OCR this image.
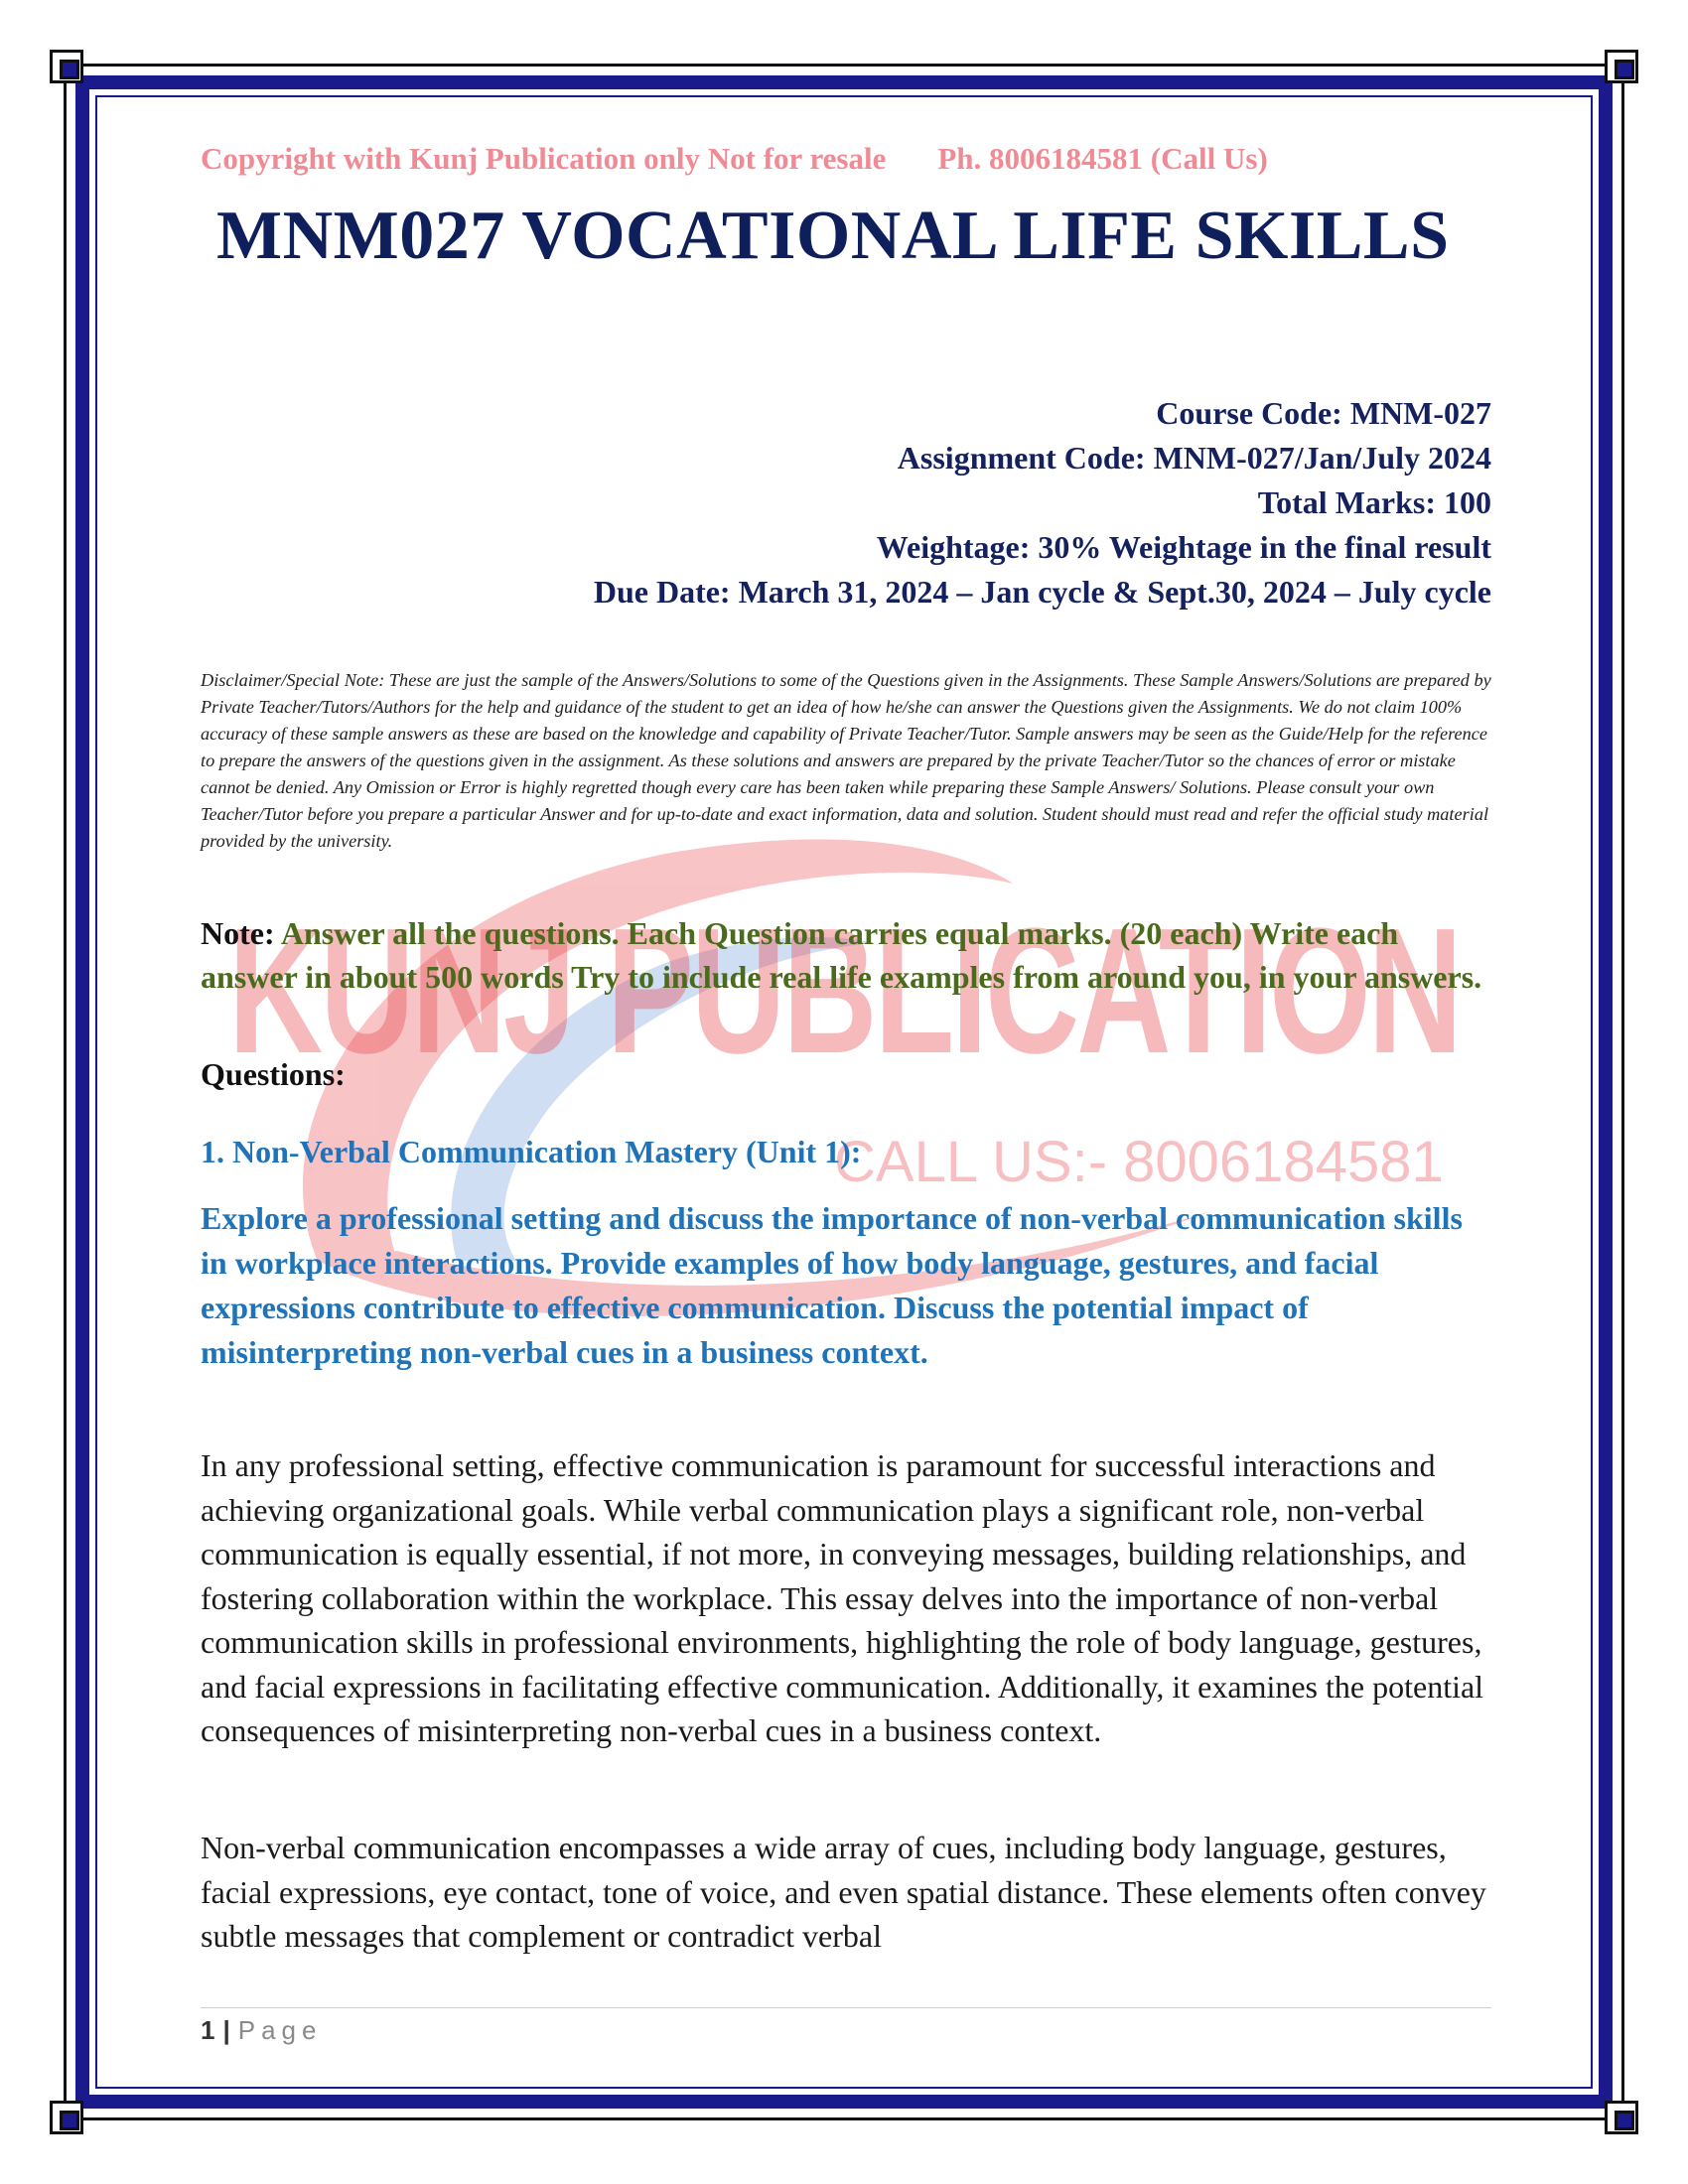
KUNJ PUBLICATION
CALL US:- 8006184581

Copyright with Kunj Publication only Not for resale Ph. 8006184581 (Call Us)

MNM027 VOCATIONAL LIFE SKILLS
Course Code: MNM-027
Assignment Code: MNM-027/Jan/July 2024
Total Marks: 100
Weightage: 30% Weightage in the final result
Due Date: March 31, 2024 – Jan cycle & Sept.30, 2024 – July cycle

Disclaimer/Special Note: These are just the sample of the Answers/Solutions to some of the Questions given in the Assignments. These Sample Answers/Solutions are prepared by Private Teacher/Tutors/Authors for the help and guidance of the student to get an idea of how he/she can answer the Questions given the Assignments. We do not claim 100% accuracy of these sample answers as these are based on the knowledge and capability of Private Teacher/Tutor. Sample answers may be seen as the Guide/Help for the reference to prepare the answers of the questions given in the assignment. As these solutions and answers are prepared by the private Teacher/Tutor so the chances of error or mistake cannot be denied. Any Omission or Error is highly regretted though every care has been taken while preparing these Sample Answers/ Solutions. Please consult your own Teacher/Tutor before you prepare a particular Answer and for up-to-date and exact information, data and solution. Student should must read and refer the official study material provided by the university.

Note: Answer all the questions. Each Question carries equal marks. (20 each) Write each answer in about 500 words Try to include real life examples from around you, in your answers.

Questions:

1. Non-Verbal Communication Mastery (Unit 1):

Explore a professional setting and discuss the importance of non-verbal communication skills in workplace interactions. Provide examples of how body language, gestures, and facial expressions contribute to effective communication. Discuss the potential impact of misinterpreting non-verbal cues in a business context.

In any professional setting, effective communication is paramount for successful interactions and achieving organizational goals. While verbal communication plays a significant role, non-verbal communication is equally essential, if not more, in conveying messages, building relationships, and fostering collaboration within the workplace. This essay delves into the importance of non-verbal communication skills in professional environments, highlighting the role of body language, gestures, and facial expressions in facilitating effective communication. Additionally, it examines the potential consequences of misinterpreting non-verbal cues in a business context.

Non-verbal communication encompasses a wide array of cues, including body language, gestures, facial expressions, eye contact, tone of voice, and even spatial distance. These elements often convey subtle messages that complement or contradict verbal

1 | Page
